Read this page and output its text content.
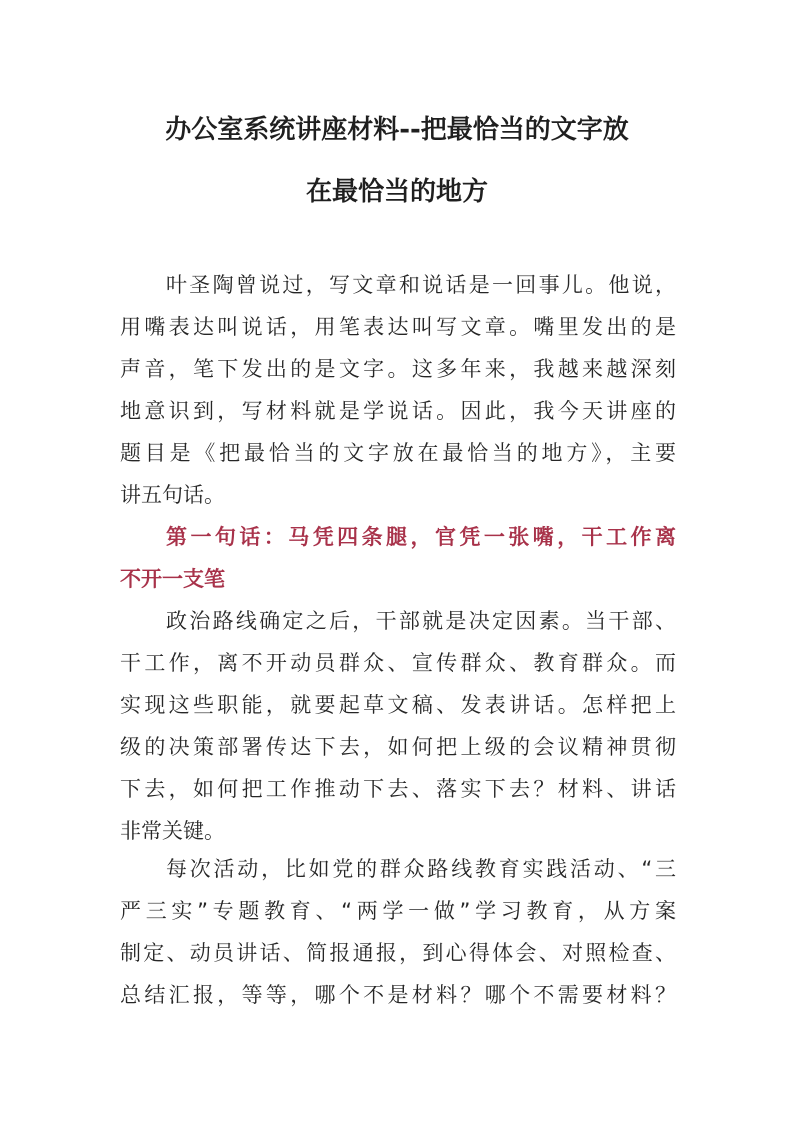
办公室系统讲座材料--把最恰当的文字放
在最恰当的地方
叶圣陶曾说过，写文章和说话是一回事儿。他说，
用嘴表达叫说话，用笔表达叫写文章。嘴里发出的是
声音，笔下发出的是文字。这多年来，我越来越深刻
地意识到，写材料就是学说话。因此，我今天讲座的
题目是《把最恰当的文字放在最恰当的地方》，主要
讲五句话。
第一句话：马凭四条腿，官凭一张嘴，干工作离
不开一支笔
政治路线确定之后，干部就是决定因素。当干部、
干工作，离不开动员群众、宣传群众、教育群众。而
实现这些职能，就要起草文稿、发表讲话。怎样把上
级的决策部署传达下去，如何把上级的会议精神贯彻
下去，如何把工作推动下去、落实下去？材料、讲话
非常关键。
每次活动，比如党的群众路线教育实践活动、“三
严三实”专题教育、“两学一做”学习教育，从方案
制定、动员讲话、简报通报，到心得体会、对照检查、
总结汇报，等等，哪个不是材料？哪个不需要材料？
